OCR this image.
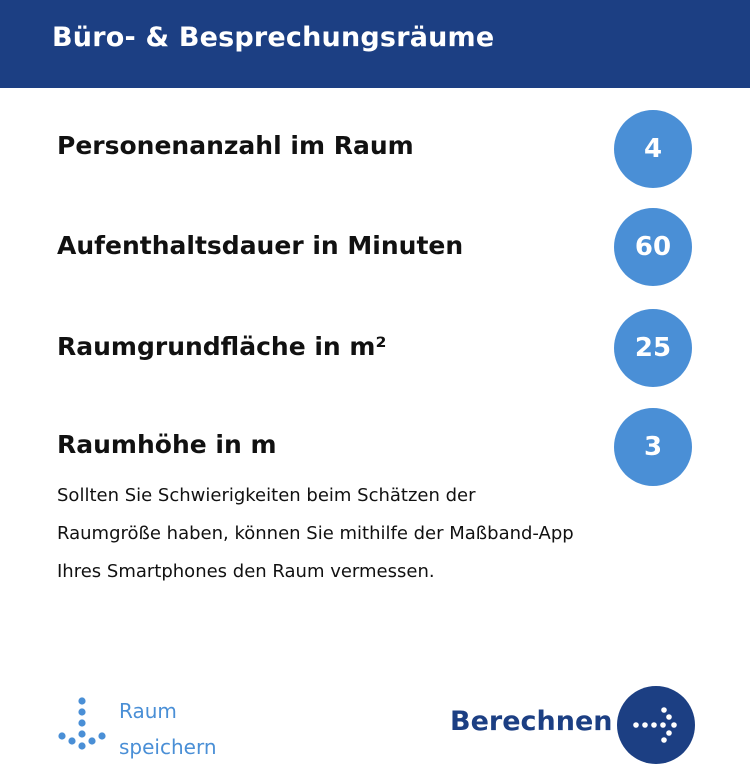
Büro- & Besprechungsräume
Personenanzahl im Raum	4
Aufenthaltsdauer in Minuten	60
Raumgrundfläche in m²	25
Raumhöhe in m	3
Sollten Sie Schwierigkeiten beim Schätzen der Raumgröße haben, können Sie mithilfe der Maßband-App Ihres Smartphones den Raum vermessen.
Raum
speichern
Berechnen
